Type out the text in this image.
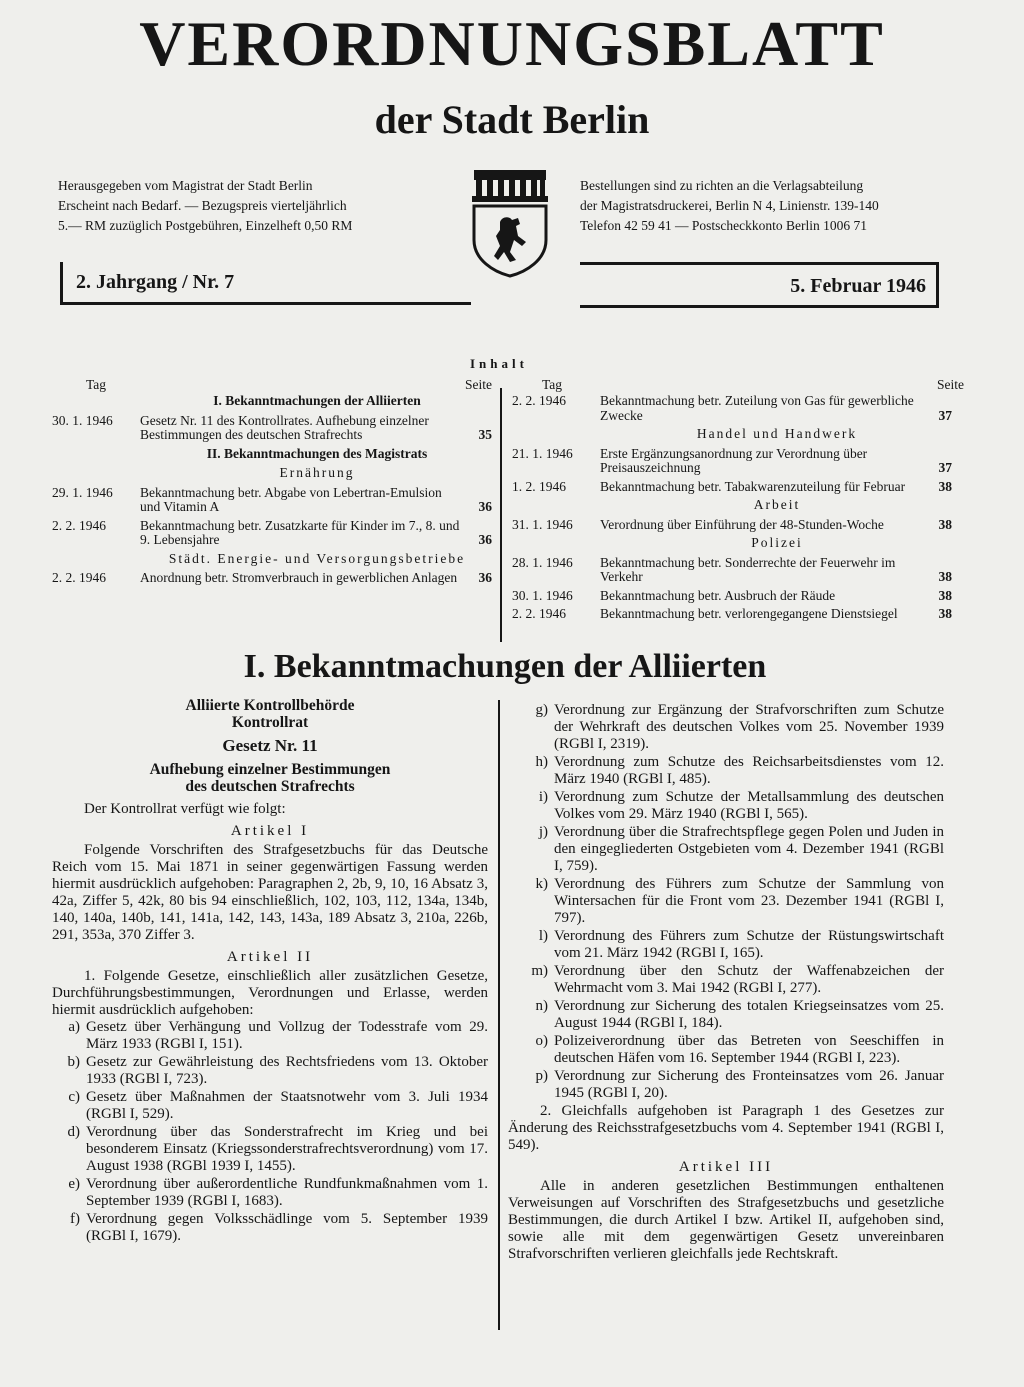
VERORDNUNGSBLATT
der Stadt Berlin
Herausgegeben vom Magistrat der Stadt Berlin
Erscheint nach Bedarf. — Bezugspreis vierteljährlich
5.— RM zuzüglich Postgebühren, Einzelheft 0,50 RM
Bestellungen sind zu richten an die Verlagsabteilung
der Magistratsdruckerei, Berlin N 4, Linienstr. 139-140
Telefon 42 59 41 — Postscheckkonto Berlin 1006 71
2. Jahrgang / Nr. 7	5. Februar 1946
Inhalt
Tag	Seite
I. Bekanntmachungen der Alliierten
30. 1. 1946	Gesetz Nr. 11 des Kontrollrates. Aufhebung einzelner Bestimmungen des deutschen Strafrechts	35
II. Bekanntmachungen des Magistrats
Ernährung
29. 1. 1946	Bekanntmachung betr. Abgabe von Lebertran-Emulsion und Vitamin A	36
2. 2. 1946	Bekanntmachung betr. Zusatzkarte für Kinder im 7., 8. und 9. Lebensjahre	36
Städt. Energie- und Versorgungsbetriebe
2. 2. 1946	Anordnung betr. Stromverbrauch in gewerblichen Anlagen	36
Tag	Seite
2. 2. 1946	Bekanntmachung betr. Zuteilung von Gas für gewerbliche Zwecke	37
Handel und Handwerk
21. 1. 1946	Erste Ergänzungsanordnung zur Verordnung über Preisauszeichnung	37
1. 2. 1946	Bekanntmachung betr. Tabakwarenzuteilung für Februar	38
Arbeit
31. 1. 1946	Verordnung über Einführung der 48-Stunden-Woche	38
Polizei
28. 1. 1946	Bekanntmachung betr. Sonderrechte der Feuerwehr im Verkehr	38
30. 1. 1946	Bekanntmachung betr. Ausbruch der Räude	38
2. 2. 1946	Bekanntmachung betr. verlorengegangene Dienstsiegel	38
I. Bekanntmachungen der Alliierten
Alliierte Kontrollbehörde
Kontrollrat
Gesetz Nr. 11
Aufhebung einzelner Bestimmungen
des deutschen Strafrechts

Der Kontrollrat verfügt wie folgt:

Artikel I

Folgende Vorschriften des Strafgesetzbuchs für das Deutsche Reich vom 15. Mai 1871 in seiner gegenwärtigen Fassung werden hiermit ausdrücklich aufgehoben: Paragraphen 2, 2b, 9, 10, 16 Absatz 3, 42a, Ziffer 5, 42k, 80 bis 94 einschließlich, 102, 103, 112, 134a, 134b, 140, 140a, 140b, 141, 141a, 142, 143, 143a, 189 Absatz 3, 210a, 226b, 291, 353a, 370 Ziffer 3.

Artikel II

1. Folgende Gesetze, einschließlich aller zusätzlichen Gesetze, Durchführungsbestimmungen, Verordnungen und Erlasse, werden hiermit ausdrücklich aufgehoben:

a) Gesetz über Verhängung und Vollzug der Todesstrafe vom 29. März 1933 (RGBl I, 151).
b) Gesetz zur Gewährleistung des Rechtsfriedens vom 13. Oktober 1933 (RGBl I, 723).
c) Gesetz über Maßnahmen der Staatsnotwehr vom 3. Juli 1934 (RGBl I, 529).
d) Verordnung über das Sonderstrafrecht im Krieg und bei besonderem Einsatz (Kriegssonderstrafrechtsverordnung) vom 17. August 1938 (RGBl 1939 I, 1455).
e) Verordnung über außerordentliche Rundfunkmaßnahmen vom 1. September 1939 (RGBl I, 1683).
f) Verordnung gegen Volksschädlinge vom 5. September 1939 (RGBl I, 1679).
g) Verordnung zur Ergänzung der Strafvorschriften zum Schutze der Wehrkraft des deutschen Volkes vom 25. November 1939 (RGBl I, 2319).
h) Verordnung zum Schutze des Reichsarbeitsdienstes vom 12. März 1940 (RGBl I, 485).
i) Verordnung zum Schutze der Metallsammlung des deutschen Volkes vom 29. März 1940 (RGBl I, 565).
j) Verordnung über die Strafrechtspflege gegen Polen und Juden in den eingegliederten Ostgebieten vom 4. Dezember 1941 (RGBl I, 759).
k) Verordnung des Führers zum Schutze der Sammlung von Wintersachen für die Front vom 23. Dezember 1941 (RGBl I, 797).
l) Verordnung des Führers zum Schutze der Rüstungswirtschaft vom 21. März 1942 (RGBl I, 165).
m) Verordnung über den Schutz der Waffenabzeichen der Wehrmacht vom 3. Mai 1942 (RGBl I, 277).
n) Verordnung zur Sicherung des totalen Kriegseinsatzes vom 25. August 1944 (RGBl I, 184).
o) Polizeiverordnung über das Betreten von Seeschiffen in deutschen Häfen vom 16. September 1944 (RGBl I, 223).
p) Verordnung zur Sicherung des Fronteinsatzes vom 26. Januar 1945 (RGBl I, 20).

2. Gleichfalls aufgehoben ist Paragraph 1 des Gesetzes zur Änderung des Reichsstrafgesetzbuchs vom 4. September 1941 (RGBl I, 549).

Artikel III

Alle in anderen gesetzlichen Bestimmungen enthaltenen Verweisungen auf Vorschriften des Strafgesetzbuchs und gesetzliche Bestimmungen, die durch Artikel I bzw. Artikel II, aufgehoben sind, sowie alle mit dem gegenwärtigen Gesetz unvereinbaren Strafvorschriften verlieren gleichfalls jede Rechtskraft.
